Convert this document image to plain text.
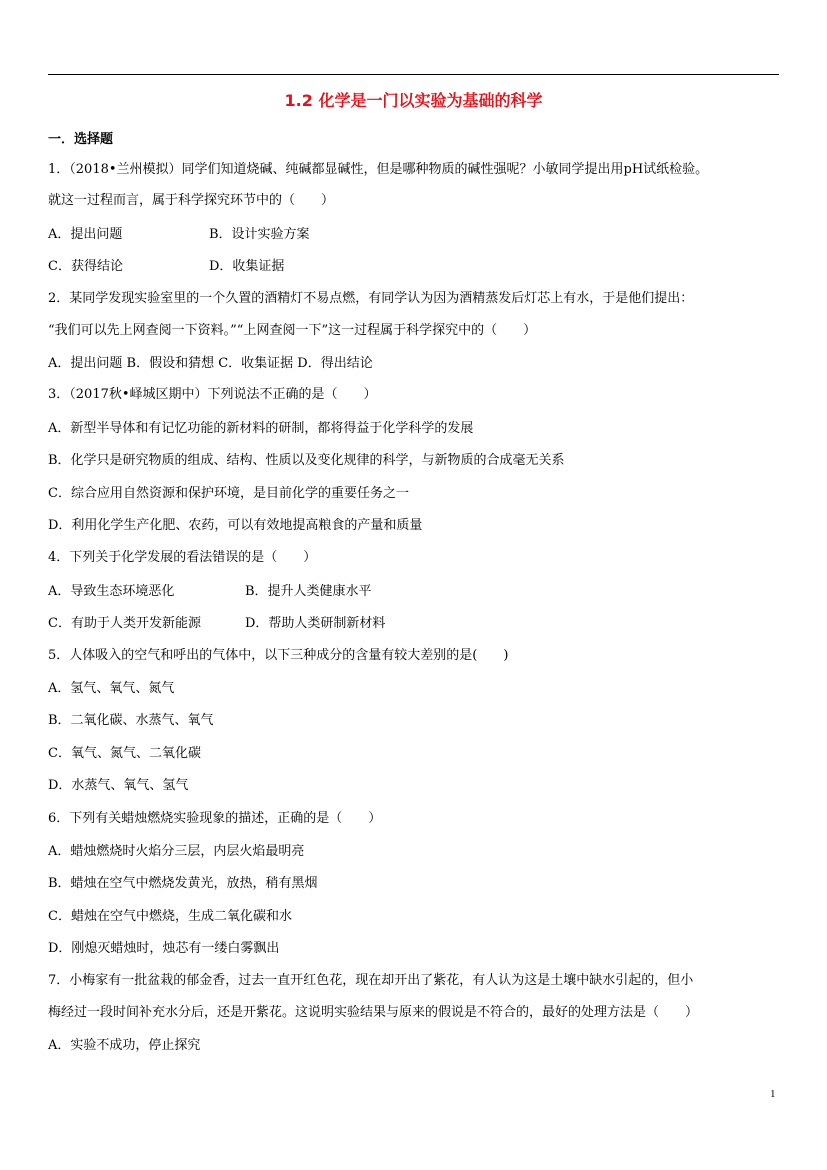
1.2 化学是一门以实验为基础的科学
一．选择题
1．（2018•兰州模拟）同学们知道烧碱、纯碱都显碱性，但是哪种物质的碱性强呢？小敏同学提出用pH试纸检验。
就这一过程而言，属于科学探究环节中的（　　）
A．提出问题	B．设计实验方案
C．获得结论	D．收集证据
2．某同学发现实验室里的一个久置的酒精灯不易点燃，有同学认为因为酒精蒸发后灯芯上有水，于是他们提出：
“我们可以先上网查阅一下资料。”“上网查阅一下”这一过程属于科学探究中的（　　）
A．提出问题 B．假设和猜想 C．收集证据 D．得出结论
3．（2017秋•峄城区期中）下列说法不正确的是（　　）
A．新型半导体和有记忆功能的新材料的研制，都将得益于化学科学的发展
B．化学只是研究物质的组成、结构、性质以及变化规律的科学，与新物质的合成毫无关系
C．综合应用自然资源和保护环境，是目前化学的重要任务之一
D．利用化学生产化肥、农药，可以有效地提高粮食的产量和质量
4．下列关于化学发展的看法错误的是（　　）
A．导致生态环境恶化	B．提升人类健康水平
C．有助于人类开发新能源	D．帮助人类研制新材料
5．人体吸入的空气和呼出的气体中，以下三种成分的含量有较大差别的是(　　)
A．氢气、氧气、氮气
B．二氧化碳、水蒸气、氧气
C．氧气、氮气、二氧化碳
D．水蒸气、氧气、氢气
6．下列有关蜡烛燃烧实验现象的描述，正确的是（　　）
A．蜡烛燃烧时火焰分三层，内层火焰最明亮
B．蜡烛在空气中燃烧发黄光，放热，稍有黑烟
C．蜡烛在空气中燃烧，生成二氧化碳和水
D．刚熄灭蜡烛时，烛芯有一缕白雾飘出
7．小梅家有一批盆栽的郁金香，过去一直开红色花，现在却开出了紫花，有人认为这是土壤中缺水引起的，但小
梅经过一段时间补充水分后，还是开紫花。这说明实验结果与原来的假说是不符合的，最好的处理方法是（　　）
A．实验不成功，停止探究
1
